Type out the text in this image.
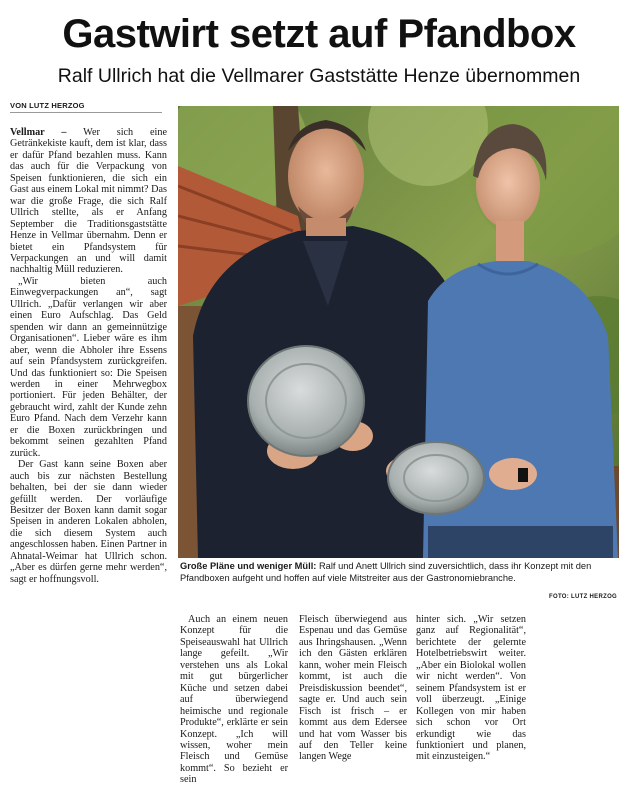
Gastwirt setzt auf Pfandbox
Ralf Ullrich hat die Vellmarer Gaststätte Henze übernommen
VON LUTZ HERZOG

Vellmar – Wer sich eine Getränkekiste kauft, dem ist klar, dass er dafür Pfand bezahlen muss. Kann das auch für die Verpackung von Speisen funktionieren, die sich ein Gast aus einem Lokal mit nimmt? Das war die große Frage, die sich Ralf Ullrich stellte, als er Anfang September die Traditionsgaststätte Henze in Vellmar übernahm. Denn er bietet ein Pfandsystem für Verpackungen an und will damit nachhaltig Müll reduzieren.

„Wir bieten auch Einwegverpackungen an“, sagt Ullrich. „Dafür verlangen wir aber einen Euro Aufschlag. Das Geld spenden wir dann an gemeinnützige Organisationen“. Lieber wäre es ihm aber, wenn die Abholer ihre Essens auf sein Pfandsystem zurückgreifen. Und das funktioniert so: Die Speisen werden in einer Mehrwegbox portioniert. Für jeden Behälter, der gebraucht wird, zahlt der Kunde zehn Euro Pfand. Nach dem Verzehr kann er die Boxen zurückbringen und bekommt seinen gezahlten Pfand zurück.

Der Gast kann seine Boxen aber auch bis zur nächsten Bestellung behalten, bei der sie dann wieder gefüllt werden. Der vorläufige Besitzer der Boxen kann damit sogar Speisen in anderen Lokalen abholen, die sich diesem System auch angeschlossen haben. Einen Partner in Ahnatal-Weimar hat Ullrich schon. „Aber es dürfen gerne mehr werden“, sagt er hoffnungsvoll.

Große Pläne und weniger Müll: Ralf und Anett Ullrich sind zuversichtlich, dass ihr Konzept mit den Pfandboxen aufgeht und hoffen auf viele Mitstreiter aus der Gastronomiebranche.
FOTO: LUTZ HERZOG

Auch an einem neuen Konzept für die Speiseauswahl hat Ullrich lange gefeilt. „Wir verstehen uns als Lokal mit gut bürgerlicher Küche und setzen dabei auf überwiegend heimische und regionale Produkte“, erklärte er sein Konzept. „Ich will wissen, woher mein Fleisch und Gemüse kommt“. So bezieht er sein

Fleisch überwiegend aus Espenau und das Gemüse aus Ihringshausen. „Wenn ich den Gästen erklären kann, woher mein Fleisch kommt, ist auch die Preisdiskussion beendet“, sagte er. Und auch sein Fisch ist frisch – er kommt aus dem Edersee und hat vom Wasser bis auf den Teller keine langen Wege

hinter sich. „Wir setzen ganz auf Regionalität“, berichtete der gelernte Hotelbetriebswirt weiter. „Aber ein Biolokal wollen wir nicht werden“. Von seinem Pfandsystem ist er voll überzeugt. „Einige Kollegen von mir haben sich schon vor Ort erkundigt wie das funktioniert und planen, mit einzusteigen.“
